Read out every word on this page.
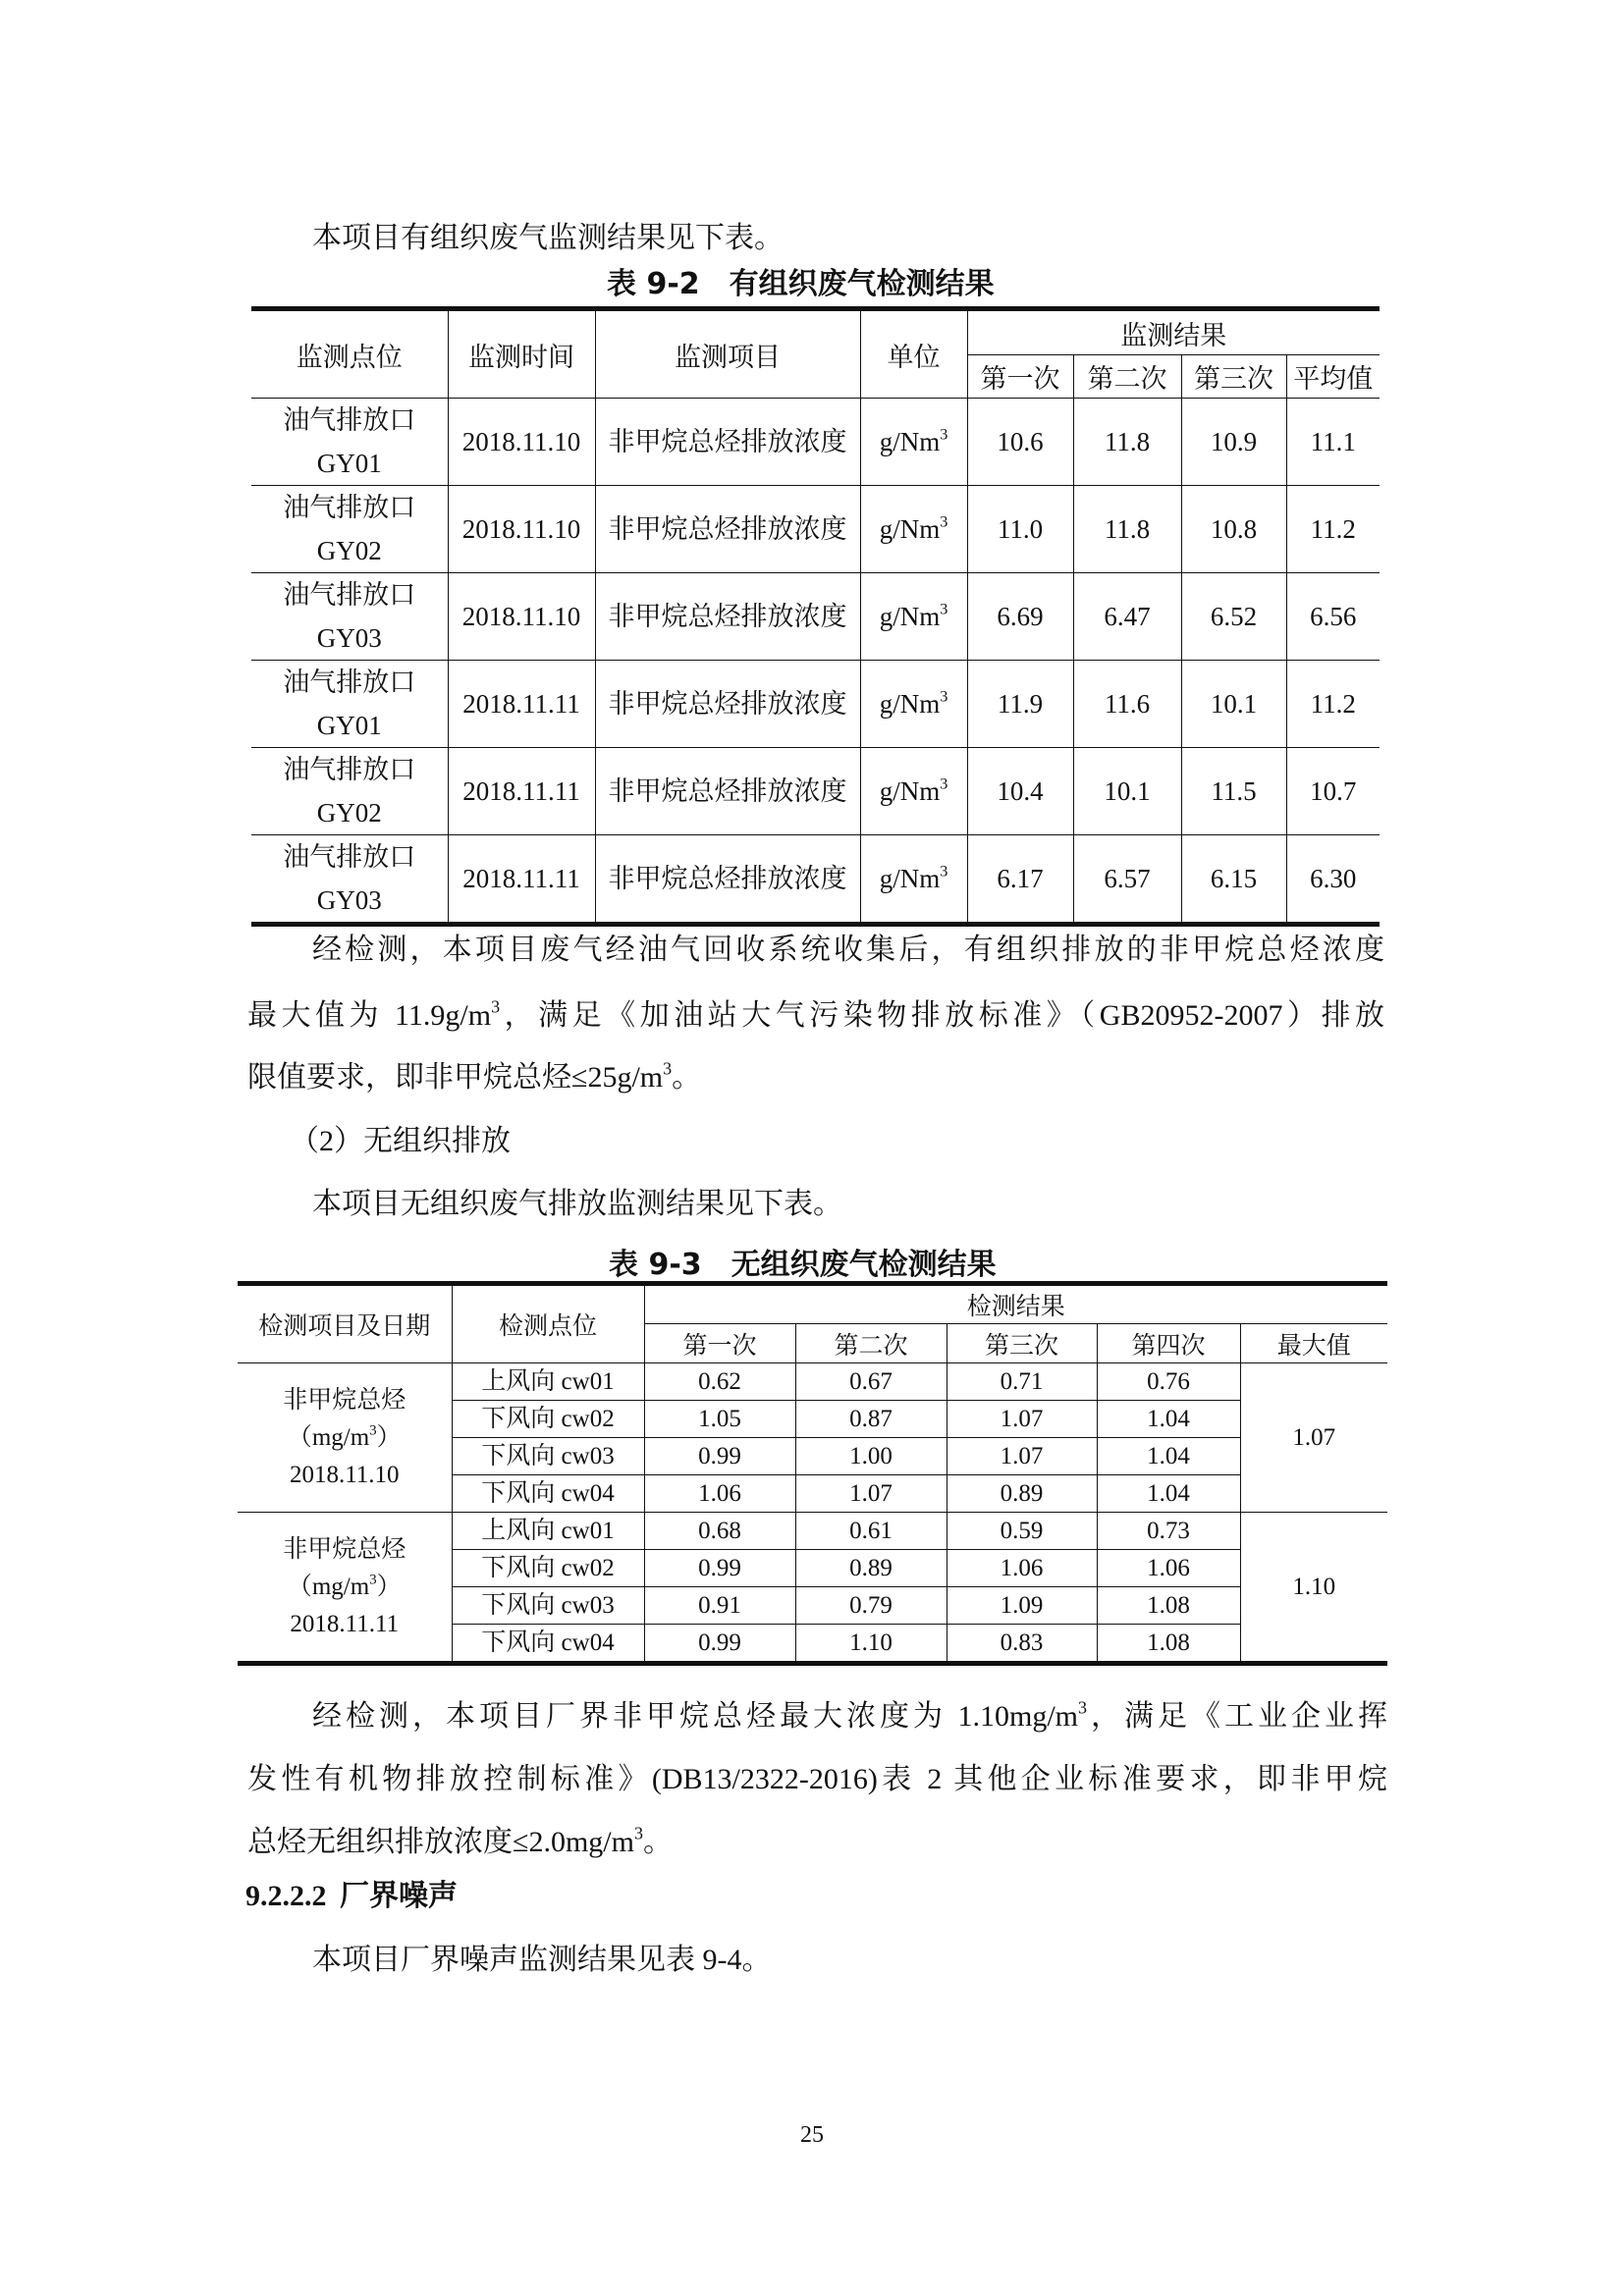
本项目有组织废气监测结果见下表。
表 9-2　有组织废气检测结果
监测点位	监测时间	监测项目	单位	监测结果			
				第一次	第二次	第三次	平均值

油气排放口
GY01	2018.11.10	非甲烷总烃排放浓度	g/Nm$^3$	10.6	11.8	10.9	11.1

油气排放口
GY02	2018.11.10	非甲烷总烃排放浓度	g/Nm$^3$	11.0	11.8	10.8	11.2

油气排放口
GY03	2018.11.10	非甲烷总烃排放浓度	g/Nm$^3$	6.69	6.47	6.52	6.56

油气排放口
GY01	2018.11.11	非甲烷总烃排放浓度	g/Nm$^3$	11.9	11.6	10.1	11.2

油气排放口
GY02	2018.11.11	非甲烷总烃排放浓度	g/Nm$^3$	10.4	10.1	11.5	10.7

油气排放口
GY03	2018.11.11	非甲烷总烃排放浓度	g/Nm$^3$	6.17	6.57	6.15	6.30
经检测，本项目废气经油气回收系统收集后，有组织排放的非甲烷总烃浓度
最大值为 $11.9g/m^3$，满足《加油站大气污染物排放标准》（GB20952-2007）排放
限值要求，即非甲烷总烃$\le 25g/m^3$。
（2）无组织排放
本项目无组织废气排放监测结果见下表。
表 9-3　无组织废气检测结果
检测项目及日期	检测点位	检测结果				
		第一次	第二次	第三次	第四次	最大值

非甲烷总烃
$(mg/m^3)$
2018.11.10	上风向 cw01	0.62	0.67	0.71	0.76	1.07
	下风向 cw02	1.05	0.87	1.07	1.04	
	下风向 cw03	0.99	1.00	1.07	1.04	
	下风向 cw04	1.06	1.07	0.89	1.04	

非甲烷总烃
$(mg/m^3)$
2018.11.11	上风向 cw01	0.68	0.61	0.59	0.73	1.10
	下风向 cw02	0.99	0.89	1.06	1.06	
	下风向 cw03	0.91	0.79	1.09	1.08	
	下风向 cw04	0.99	1.10	0.83	1.08	
经检测，本项目厂界非甲烷总烃最大浓度为 $1.10mg/m^3$，满足《工业企业挥
发性有机物排放控制标准》(DB13/2322-2016)表 2 其他企业标准要求，即非甲烷
总烃无组织排放浓度$\le 2.0mg/m^3$。
9.2.2.2 厂界噪声
本项目厂界噪声监测结果见表 9-4。
25
